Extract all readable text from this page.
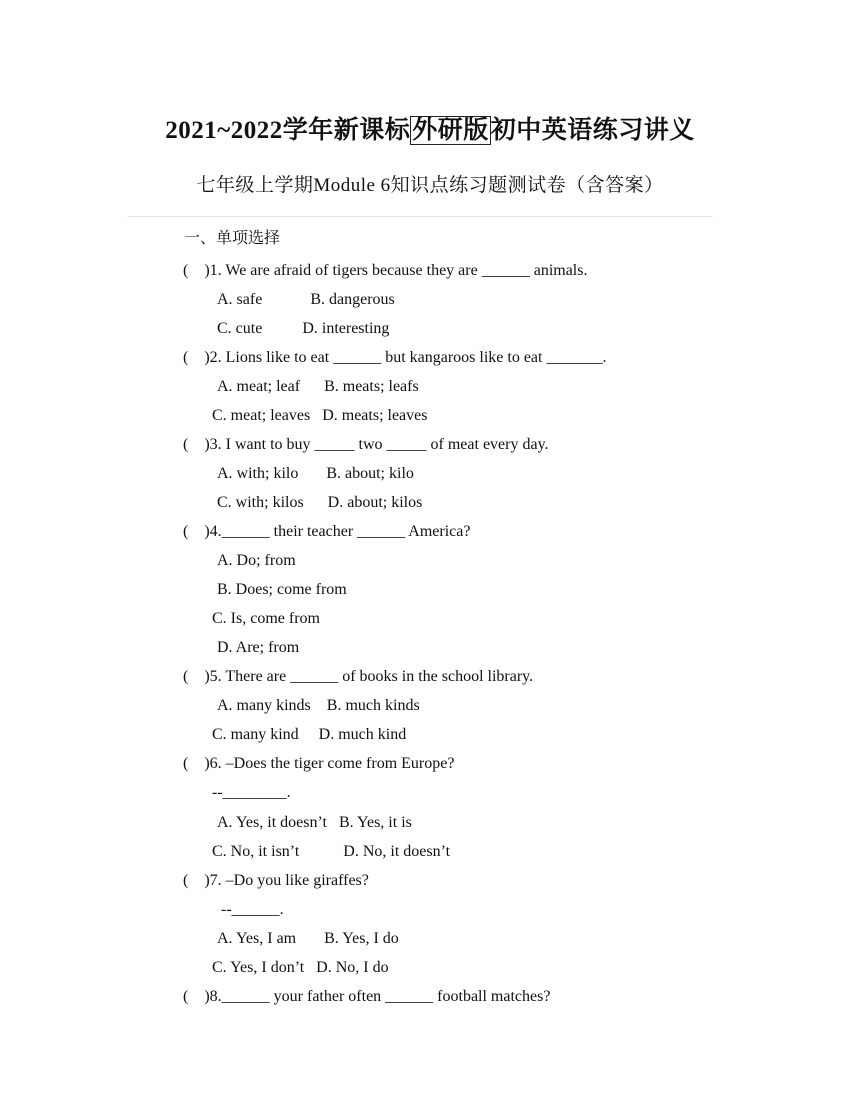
2021~2022学年新课标外研版初中英语练习讲义
七年级上学期Module 6知识点练习题测试卷（含答案）
一、单项选择
(    )1. We are afraid of tigers because they are ______ animals.
A. safe            B. dangerous
C. cute          D. interesting
(    )2. Lions like to eat ______ but kangaroos like to eat _______.
A. meat; leaf      B. meats; leafs
C. meat; leaves   D. meats; leaves
(    )3. I want to buy _____ two _____ of meat every day.
A. with; kilo       B. about; kilo
C. with; kilos      D. about; kilos
(    )4.______ their teacher ______ America?
A. Do; from
B. Does; come from
C. Is, come from
D. Are; from
(    )5. There are ______ of books in the school library.
A. many kinds    B. much kinds
C. many kind     D. much kind
(    )6. –Does the tiger come from Europe?
--________.
A. Yes, it doesn’t   B. Yes, it is
C. No, it isn’t           D. No, it doesn’t
(    )7. –Do you like giraffes?
--______.
A. Yes, I am       B. Yes, I do
C. Yes, I don’t   D. No, I do
(    )8.______ your father often ______ football matches?
